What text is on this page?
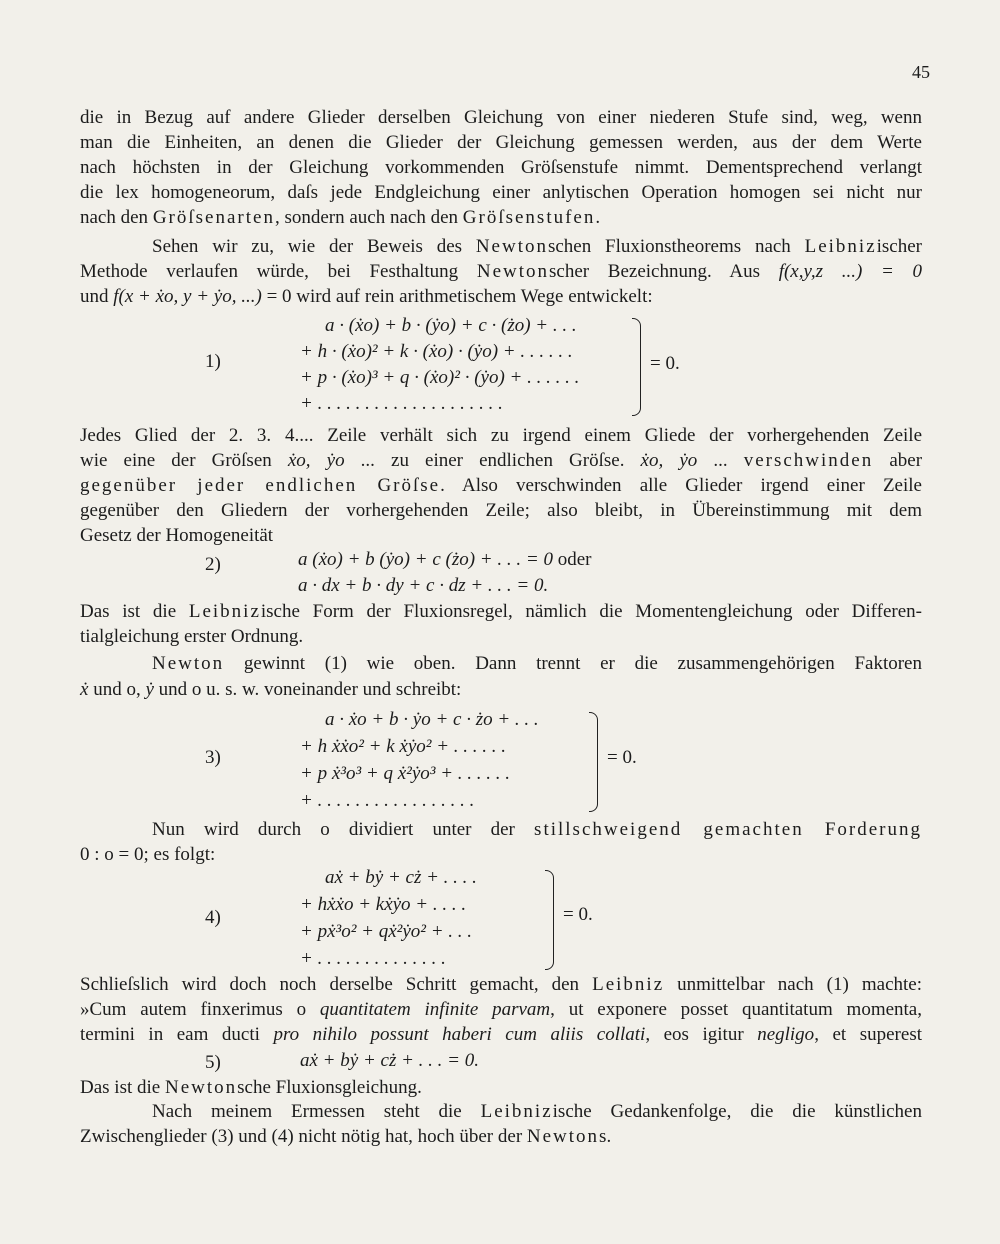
45
die in Bezug auf andere Glieder derselben Gleichung von einer niederen Stufe sind, weg, wenn
man die Einheiten, an denen die Glieder der Gleichung gemessen werden, aus der dem Werte
nach höchsten in der Gleichung vorkommenden Gröſsenstufe nimmt. Dementsprechend verlangt
die lex homogeneorum, daſs jede Endgleichung einer anlytischen Operation homogen sei nicht nur
nach den Gröſsenarten, sondern auch nach den Gröſsenstufen.
Sehen wir zu, wie der Beweis des Newtonschen Fluxionstheorems nach Leibnizischer
Methode verlaufen würde, bei Festhaltung Newtonscher Bezeichnung. Aus f(x,y,z ...) = 0
und f(x + ẋo, y + ẏo, ...) = 0 wird auf rein arithmetischem Wege entwickelt:
1)
a · (ẋo) + b · (ẏo) + c · (żo) + . . .
+ h · (ẋo)² + k · (ẋo) · (ẏo) + . . . . . .
+ p · (ẋo)³ + q · (ẋo)² · (ẏo) + . . . . . .
+ . . . . . . . . . . . . . . . . . . . .
= 0.
Jedes Glied der 2. 3. 4.... Zeile verhält sich zu irgend einem Gliede der vorhergehenden Zeile
wie eine der Gröſsen ẋo, ẏo ... zu einer endlichen Gröſse. ẋo, ẏo ... verschwinden aber
gegenüber jeder endlichen Gröſse. Also verschwinden alle Glieder irgend einer Zeile
gegenüber den Gliedern der vorhergehenden Zeile; also bleibt, in Übereinstimmung mit dem
Gesetz der Homogeneität
2)	a (ẋo) + b (ẏo) + c (żo) + . . . = 0 oder
a · dx + b · dy + c · dz + . . . = 0.
Das ist die Leibnizische Form der Fluxionsregel, nämlich die Momentengleichung oder Differen-
tialgleichung erster Ordnung.
Newton gewinnt (1) wie oben. Dann trennt er die zusammengehörigen Faktoren
ẋ und o, ẏ und o u. s. w. voneinander und schreibt:
3)
a · ẋo + b · ẏo + c · żo + . . .
+ h ẋẋo² + k ẋẏo² + . . . . . .
+ p ẋ³o³ + q ẋ²ẏo³ + . . . . . .
+ . . . . . . . . . . . . . . . . .
= 0.
Nun wird durch o dividiert unter der stillschweigend gemachten Forderung
0 : o = 0; es folgt:
4)
aẋ + bẏ + cż + . . . .
+ hẋẋo + kẋẏo + . . . .
+ pẋ³o² + qẋ²ẏo² + . . .
+ . . . . . . . . . . . . . .
= 0.
Schlieſslich wird doch noch derselbe Schritt gemacht, den Leibniz unmittelbar nach (1) machte:
»Cum autem finxerimus o quantitatem infinite parvam, ut exponere posset quantitatum momenta,
termini in eam ducti pro nihilo possunt haberi cum aliis collati, eos igitur negligo, et superest
5)	aẋ + bẏ + cż + . . . = 0.
Das ist die Newtonsche Fluxionsgleichung.
Nach meinem Ermessen steht die Leibnizische Gedankenfolge, die die künstlichen
Zwischenglieder (3) und (4) nicht nötig hat, hoch über der Newtons.
